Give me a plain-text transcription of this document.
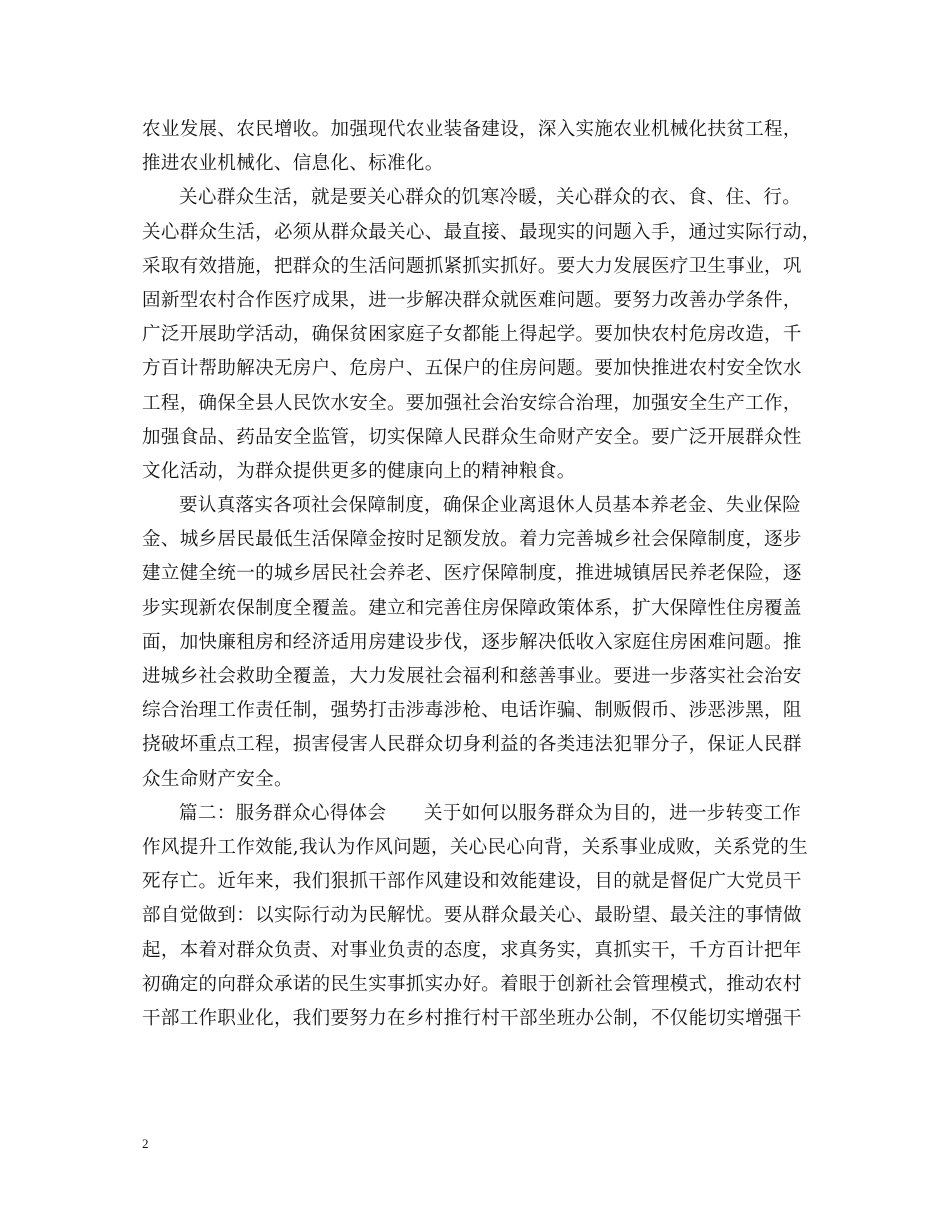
农业发展、农民增收。加强现代农业装备建设，深入实施农业机械化扶贫工程，
推进农业机械化、信息化、标准化。
关心群众生活，就是要关心群众的饥寒冷暖，关心群众的衣、食、住、行。
关心群众生活，必须从群众最关心、最直接、最现实的问题入手，通过实际行动，
采取有效措施，把群众的生活问题抓紧抓实抓好。要大力发展医疗卫生事业，巩
固新型农村合作医疗成果，进一步解决群众就医难问题。要努力改善办学条件，
广泛开展助学活动，确保贫困家庭子女都能上得起学。要加快农村危房改造，千
方百计帮助解决无房户、危房户、五保户的住房问题。要加快推进农村安全饮水
工程，确保全县人民饮水安全。要加强社会治安综合治理，加强安全生产工作，
加强食品、药品安全监管，切实保障人民群众生命财产安全。要广泛开展群众性
文化活动，为群众提供更多的健康向上的精神粮食。
要认真落实各项社会保障制度，确保企业离退休人员基本养老金、失业保险
金、城乡居民最低生活保障金按时足额发放。着力完善城乡社会保障制度，逐步
建立健全统一的城乡居民社会养老、医疗保障制度，推进城镇居民养老保险，逐
步实现新农保制度全覆盖。建立和完善住房保障政策体系，扩大保障性住房覆盖
面，加快廉租房和经济适用房建设步伐，逐步解决低收入家庭住房困难问题。推
进城乡社会救助全覆盖，大力发展社会福利和慈善事业。要进一步落实社会治安
综合治理工作责任制，强势打击涉毒涉枪、电话诈骗、制贩假币、涉恶涉黑，阻
挠破坏重点工程，损害侵害人民群众切身利益的各类违法犯罪分子，保证人民群
众生命财产安全。
篇二：服务群众心得体会　　关于如何以服务群众为目的，进一步转变工作
作风提升工作效能,我认为作风问题，关心民心向背，关系事业成败，关系党的生
死存亡。近年来，我们狠抓干部作风建设和效能建设，目的就是督促广大党员干
部自觉做到：以实际行动为民解忧。要从群众最关心、最盼望、最关注的事情做
起，本着对群众负责、对事业负责的态度，求真务实，真抓实干，千方百计把年
初确定的向群众承诺的民生实事抓实办好。着眼于创新社会管理模式，推动农村
干部工作职业化，我们要努力在乡村推行村干部坐班办公制，不仅能切实增强干
2
